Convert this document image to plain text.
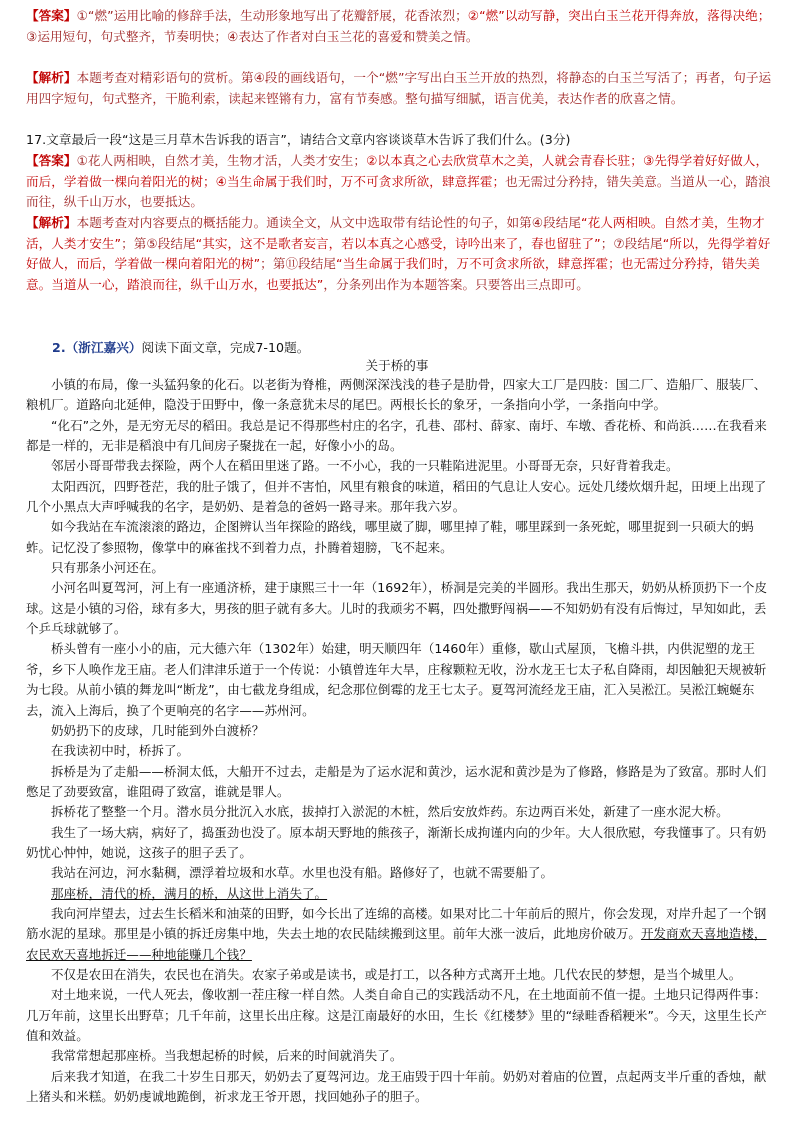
【答案】①“燃”运用比喻的修辞手法，生动形象地写出了花瓣舒展，花香浓烈；②“燃”以动写静，突出白玉兰花开得奔放，落得决绝；③运用短句，句式整齐，节奏明快；④表达了作者对白玉兰花的喜爱和赞美之情。

【解析】本题考查对精彩语句的赏析。第④段的画线语句，一个“燃”字写出白玉兰开放的热烈，将静态的白玉兰写活了；再者，句子运用四字短句，句式整齐，干脆利索，读起来铿锵有力，富有节奏感。整句描写细腻，语言优美，表达作者的欣喜之情。

17.文章最后一段“这是三月草木告诉我的语言”，请结合文章内容谈谈草木告诉了我们什么。(3分)

【答案】①花人两相映，自然才美，生物才活，人类才安生；②以本真之心去欣赏草木之美，人就会青春长驻；③先得学着好好做人，而后，学着做一棵向着阳光的树；④当生命属于我们时，万不可贪求所欲，肆意挥霍；也无需过分矜持，错失美意。当道从一心，踏浪而往，纵千山万水，也要抵达。

【解析】本题考查对内容要点的概括能力。通读全文，从文中选取带有结论性的句子，如第④段结尾“花人两相映。自然才美，生物才活，人类才安生”；第⑤段结尾“其实，这不是歌者妄言，若以本真之心感受，诗吟出来了，春也留驻了”；⑦段结尾“所以，先得学着好好做人，而后，学着做一棵向着阳光的树”；第⑪段结尾“当生命属于我们时，万不可贪求所欲，肆意挥霍；也无需过分矜持，错失美意。当道从一心，踏浪而往，纵千山万水，也要抵达”，分条列出作为本题答案。只要答出三点即可。

2.（浙江嘉兴）阅读下面文章，完成7-10题。

关于桥的事

小镇的布局，像一头猛犸象的化石。以老街为脊椎，两侧深深浅浅的巷子是肋骨，四家大工厂是四肢：国二厂、造船厂、服装厂、粮机厂。道路向北延伸，隐没于田野中，像一条意犹未尽的尾巴。两根长长的象牙，一条指向小学，一条指向中学。

“化石”之外，是无穷无尽的稻田。我总是记不得那些村庄的名字，孔巷、邵村、薛家、南圩、车墩、香花桥、和尚浜……在我看来都是一样的，无非是稻浪中有几间房子聚拢在一起，好像小小的岛。

邻居小哥哥带我去探险，两个人在稻田里迷了路。一不小心，我的一只鞋陷进泥里。小哥哥无奈，只好背着我走。

太阳西沉，四野苍茫，我的肚子饿了，但并不害怕，风里有粮食的味道，稻田的气息让人安心。远处几缕炊烟升起，田埂上出现了几个小黑点大声呼喊我的名字，是奶奶、是着急的爸妈一路寻来。那年我六岁。

如今我站在车流滚滚的路边，企图辨认当年探险的路线，哪里崴了脚，哪里掉了鞋，哪里踩到一条死蛇，哪里捉到一只硕大的蚂蚱。记忆没了参照物，像掌中的麻雀找不到着力点，扑腾着翅膀，飞不起来。

只有那条小河还在。

小河名叫夏驾河，河上有一座通济桥，建于康熙三十一年（1692年），桥洞是完美的半圆形。我出生那天，奶奶从桥顶扔下一个皮球。这是小镇的习俗，球有多大，男孩的胆子就有多大。儿时的我顽劣不羁，四处撒野闯祸——不知奶奶有没有后悔过，早知如此，丢个乒乓球就够了。

桥头曾有一座小小的庙，元大德六年（1302年）始建，明天顺四年（1460年）重修，歇山式屋顶，飞檐斗拱，内供泥塑的龙王爷，乡下人唤作龙王庙。老人们津津乐道于一个传说：小镇曾连年大旱，庄稼颗粒无收，汾水龙王七太子私自降雨，却因触犯天规被斩为七段。从前小镇的舞龙叫“断龙”，由七截龙身组成，纪念那位倒霉的龙王七太子。夏驾河流经龙王庙，汇入吴淞江。吴淞江蜿蜒东去，流入上海后，换了个更响亮的名字——苏州河。

奶奶扔下的皮球，几时能到外白渡桥？

在我读初中时，桥拆了。

拆桥是为了走船——桥洞太低，大船开不过去，走船是为了运水泥和黄沙，运水泥和黄沙是为了修路，修路是为了致富。那时人们憋足了劲要致富，谁阻碍了致富，谁就是罪人。

拆桥花了整整一个月。潜水员分批沉入水底，拔掉打入淤泥的木桩，然后安放炸药。东边两百米处，新建了一座水泥大桥。

我生了一场大病，病好了，捣蛋劲也没了。原本胡天野地的熊孩子，渐渐长成拘谨内向的少年。大人很欣慰，夸我懂事了。只有奶奶忧心忡忡，她说，这孩子的胆子丢了。

我站在河边，河水黏稠，漂浮着垃圾和水草。水里也没有船。路修好了，也就不需要船了。

那座桥，清代的桥，满月的桥，从这世上消失了。

我向河岸望去，过去生长稻米和油菜的田野，如今长出了连绵的高楼。如果对比二十年前后的照片，你会发现，对岸升起了一个钢筋水泥的星球。那里是小镇的拆迁房集中地，失去土地的农民陆续搬到这里。前年大涨一波后，此地房价破万。开发商欢天喜地造楼，农民欢天喜地拆迁——种地能赚几个钱？

不仅是农田在消失，农民也在消失。农家子弟或是读书，或是打工，以各种方式离开土地。几代农民的梦想，是当个城里人。

对土地来说，一代人死去，像收割一茬庄稼一样自然。人类自命自己的实践活动不凡，在土地面前不值一提。土地只记得两件事：几万年前，这里长出野草；几千年前，这里长出庄稼。这是江南最好的水田，生长《红楼梦》里的“绿畦香稻粳米”。今天，这里生长产值和效益。

我常常想起那座桥。当我想起桥的时候，后来的时间就消失了。

后来我才知道，在我二十岁生日那天，奶奶去了夏驾河边。龙王庙毁于四十年前。奶奶对着庙的位置，点起两支半斤重的香烛，献上猪头和米糕。奶奶虔诚地跪倒，祈求龙王爷开恩，找回她孙子的胆子。
